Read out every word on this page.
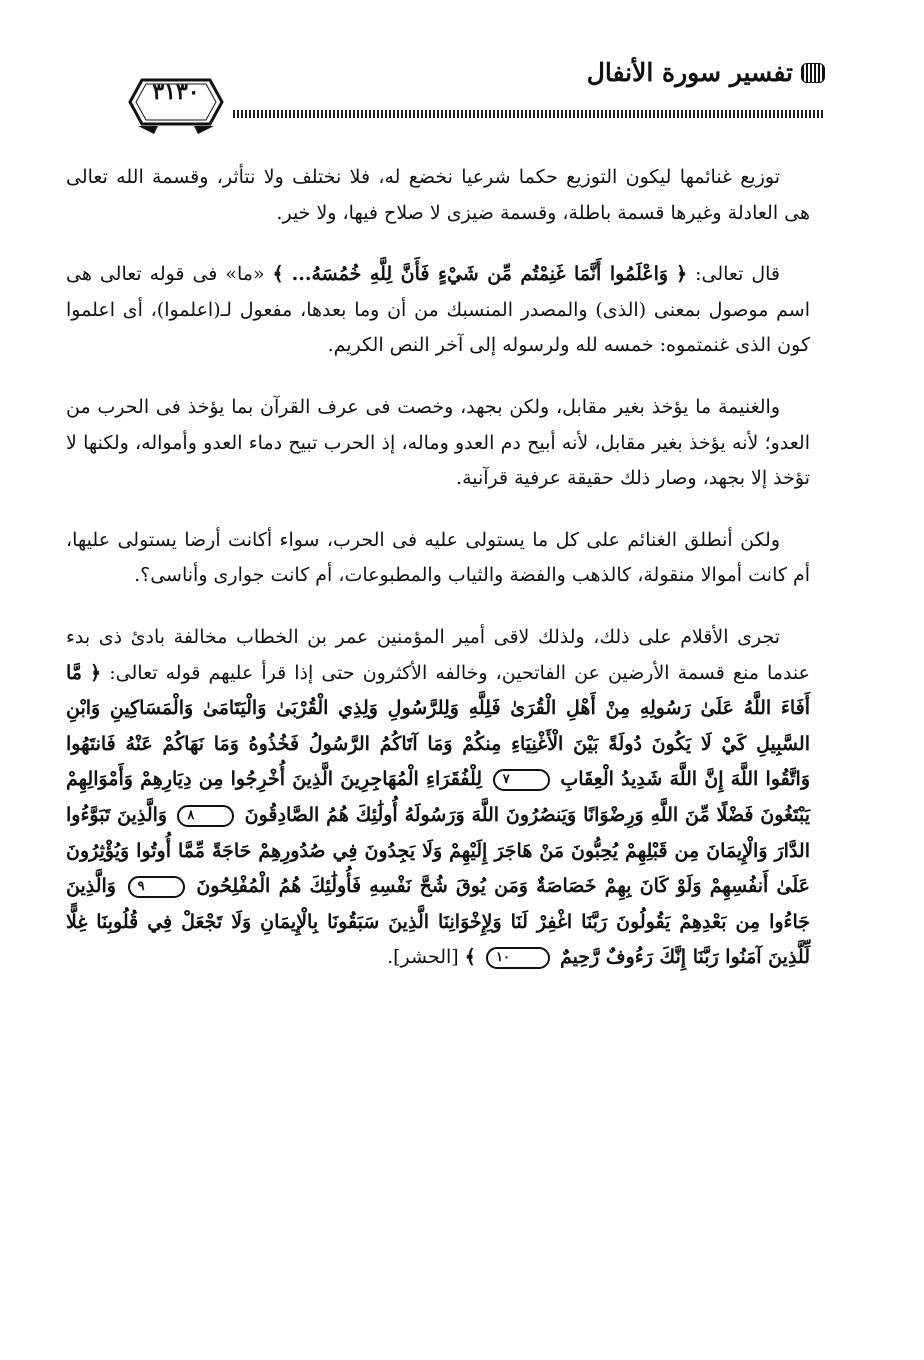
٣١٣٠
تفسير سورة الأنفال

توزيع غنائمها ليكون التوزيع حكما شرعيا نخضع له، فلا نختلف ولا نتأثر، وقسمة الله تعالى هى العادلة وغيرها قسمة باطلة، وقسمة ضيزى لا صلاح فيها، ولا خير.

قال تعالى: ﴿ وَاعْلَمُوا أَنَّمَا غَنِمْتُم مِّن شَيْءٍ فَأَنَّ لِلَّهِ خُمُسَهُ... ﴾ «ما» فى قوله تعالى هى اسم موصول بمعنى (الذى) والمصدر المنسبك من أن وما بعدها، مفعول لـ(اعلموا)، أى اعلموا كون الذى غنمتموه: خمسه لله ولرسوله إلى آخر النص الكريم.

والغنيمة ما يؤخذ بغير مقابل، ولكن بجهد، وخصت فى عرف القرآن بما يؤخذ فى الحرب من العدو؛ لأنه يؤخذ بغير مقابل، لأنه أبيح دم العدو وماله، إذ الحرب تبيح دماء العدو وأمواله، ولكنها لا تؤخذ إلا بجهد، وصار ذلك حقيقة عرفية قرآنية.

ولكن أنطلق الغنائم على كل ما يستولى عليه فى الحرب، سواء أكانت أرضا يستولى عليها، أم كانت أموالا منقولة، كالذهب والفضة والثياب والمطبوعات، أم كانت جوارى وأناسى؟.

تجرى الأقلام على ذلك، ولذلك لاقى أمير المؤمنين عمر بن الخطاب مخالفة بادئ ذى بدء عندما منع قسمة الأرضين عن الفاتحين، وخالفه الأكثرون حتى إذا قرأ عليهم قوله تعالى: ﴿ مَّا أَفَاءَ اللَّهُ عَلَىٰ رَسُولِهِ مِنْ أَهْلِ الْقُرَىٰ فَلِلَّهِ وَلِلرَّسُولِ وَلِذِي الْقُرْبَىٰ وَالْيَتَامَىٰ وَالْمَسَاكِينِ وَابْنِ السَّبِيلِ كَيْ لَا يَكُونَ دُولَةً بَيْنَ الْأَغْنِيَاءِ مِنكُمْ وَمَا آتَاكُمُ الرَّسُولُ فَخُذُوهُ وَمَا نَهَاكُمْ عَنْهُ فَانتَهُوا وَاتَّقُوا اللَّهَ إِنَّ اللَّهَ شَدِيدُ الْعِقَابِ ٧ لِلْفُقَرَاءِ الْمُهَاجِرِينَ الَّذِينَ أُخْرِجُوا مِن دِيَارِهِمْ وَأَمْوَالِهِمْ يَبْتَغُونَ فَضْلًا مِّنَ اللَّهِ وَرِضْوَانًا وَيَنصُرُونَ اللَّهَ وَرَسُولَهُ أُولَٰئِكَ هُمُ الصَّادِقُونَ ٨ وَالَّذِينَ تَبَوَّءُوا الدَّارَ وَالْإِيمَانَ مِن قَبْلِهِمْ يُحِبُّونَ مَنْ هَاجَرَ إِلَيْهِمْ وَلَا يَجِدُونَ فِي صُدُورِهِمْ حَاجَةً مِّمَّا أُوتُوا وَيُؤْثِرُونَ عَلَىٰ أَنفُسِهِمْ وَلَوْ كَانَ بِهِمْ خَصَاصَةٌ وَمَن يُوقَ شُحَّ نَفْسِهِ فَأُولَٰئِكَ هُمُ الْمُفْلِحُونَ ٩ وَالَّذِينَ جَاءُوا مِن بَعْدِهِمْ يَقُولُونَ رَبَّنَا اغْفِرْ لَنَا وَلِإِخْوَانِنَا الَّذِينَ سَبَقُونَا بِالْإِيمَانِ وَلَا تَجْعَلْ فِي قُلُوبِنَا غِلًّا لِّلَّذِينَ آمَنُوا رَبَّنَا إِنَّكَ رَءُوفٌ رَّحِيمٌ ١٠ ﴾ [الحشر].
